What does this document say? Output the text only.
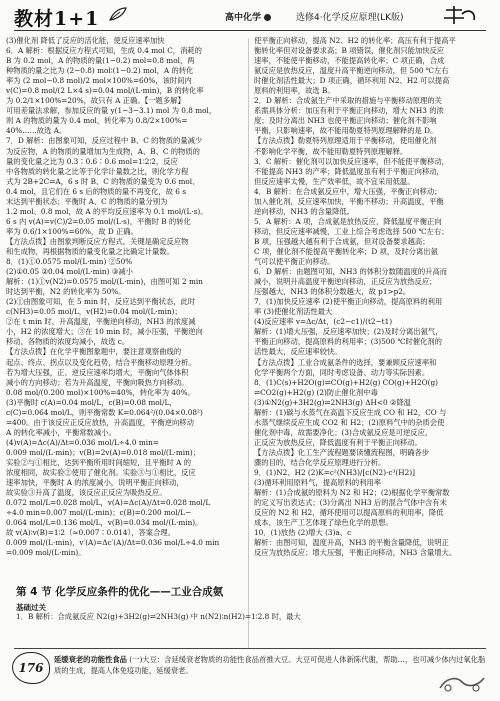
教材1+1	高中化学	选修4·化学反应原理(LK版)
(3)催化剂 降低了反应的活化能，使反应速率加快
6．A 解析：根据反应方程式可知，生成 0.4 mol C，消耗的
B 为 0.2 mol，A 的物质的量(1−0.2) mol=0.8 mol，两
种物质的量之比为 (2−0.8) mol∶(1−0.2) mol，A 的转化
率为 (2 mol−0.8 mol)/2 mol×100%=60%，该时间内
v(C)=0.8 mol/(2 L×4 s)=0.04 mol/(L·min)，B 的转化率
为 0.2/1×100%=20%，故只有 A 正确。【一题多解】
可用差量法求解，参加反应的量 y(1−3−3.1) mol 为 0.8 mol，
则 A 的物质的量为 0.4 mol，转化率为 0.8/2×100%=
40%……故选 A。
7．D 解析：由图象可知，反应过程中 B、C 的物质的量减少
为反应物，A 的物质的量增加为生成物，A、B、C 的物质的
量的变化量之比为 0.3∶0.6∶0.6 mol=1∶2∶2，反应
中各物质的转化量之比等于化学计量数之比，则化学方程
式为 2B+2C⇌A，6 s 时 B、C 的物质的量变为 0.6 mol、
0.4 mol，且它们在 6 s 后的物质的量不再变化，故 6 s
末达到平衡状态；平衡时 A、C 的物质的量分别为
1.2 mol、0.8 mol，故 A 的平均反应速率为 0.1 mol/(L·s)。
6 s 内 v(A)=v(C)/2=0.05 mol/(L·s)，平衡时 B 的转化
率为 0.6/1×100%=60%，故 D 正确。
【方法点拨】由图象判断反应方程式，关键是确定反应物
和生成物，再根据物质的量变化量之比确定计量数。
8．(1)①0.0575 mol/(L·min) ②50%
(2)①0.05 ②0.04 mol/(L·min) ③减小
解析：(1)①v(N2)=0.0575 mol/(L·min)，由图可知 2 min
时达到平衡，N2 的转化率为 50%。
(2)①由图象可知，在 5 min 时，反应达到平衡状态，此时
c(NH3)=0.05 mol/L，v(H2)=0.04 mol/(L·min)；
②在 t min 时，升高温度，平衡逆向移动，NH3 的浓度减
小，H2 的浓度增大；③在 10 min 时，减小压强，平衡逆向
移动，各物质的浓度均减小，故选 c。
【方法点拨】在化学平衡图象题中，要注意观察曲线的
起点、终点、拐点以及变化趋势，结合平衡移动原理分析。
若为增大压强，正、逆反应速率均增大，平衡向气体体积
减小的方向移动；若为升高温度，平衡向吸热方向移动。
0.08 mol/(0.200 mol)×100%=40%，转化率为 40%。
(3)平衡时 c(A)=0.04 mol/L，c(B)=0.08 mol/L，
c(C)=0.064 mol/L，则平衡常数 K=0.064²/(0.04×0.08²)
=400。由于该反应正反应放热，升高温度，平衡逆向移动
A 的转化率减小，平衡常数减小。
(4)v(A)=Δc(A)/Δt=0.036 mol/L÷4.0 min=
0.009 mol/(L·min)；v(B)=2v(A)=0.018 mol/(L·min)；
实验②与①相比，达到平衡所用时间缩短，且平衡时 A 的
浓度相同，故实验②使用了催化剂。实验③与①相比，反应
速率加快，平衡时 A 的浓度减小，说明平衡正向移动，
故实验③升高了温度，该反应正反应为吸热反应。
0.072 mol/L=0.028 mol/L，v(A)=Δc(A)/Δt=0.028 mol/L
÷4.0 min=0.007 mol/(L·min)；c(B)=0.200 mol/L−
0.064 mol/L=0.136 mol/L，v(B)=0.034 mol/(L·min)。
故 v(A)∶v(B)=1∶2（≈0.007∶0.014），答案合理。
0.009 mol/(L·min)，v′(A)=Δc′(A)/Δt=0.036 mol/L÷4.0 min
=0.009 mol/(L·min)。
使平衡正向移动，提高 N2、H2 的转化率；高压有利于提高平
衡转化率但对设备要求高；B 项错误，催化剂只能加快反应
速率，不能使平衡移动，不能提高转化率；C 项正确，合成
氨反应是放热反应，温度升高平衡逆向移动，但 500 ℃左右
时催化剂活性最大；D 项正确，循环利用 N2、H2 可以提高
原料的利用率，故选 B。
2．D 解析：合成氨生产中采取的措施与平衡移动原理的关
系需具体分析：加压有利于平衡正向移动，增大 NH3 的浓
度；及时分离出 NH3 也使平衡正向移动；催化剂不影响
平衡，只影响速率，故不能用勒夏特列原理解释的是 D。
【方法点拨】勒夏特列原理适用于平衡移动，使用催化剂
不影响化学平衡，故不能用勒夏特列原理解释。
3．C 解析：催化剂可以加快反应速率，但不能使平衡移动，
不能提高 NH3 的产率；降低温度虽有利于平衡正向移动，
但反应速率太慢，生产效率低，故不宜采用低温。
4．B 解析：在合成氨反应中，增大压强，平衡正向移动；
加入催化剂，反应速率加快，平衡不移动；升高温度，平衡
逆向移动，NH3 的含量降低。
5．A 解析：A 项，合成氨是放热反应，降低温度平衡正向
移动，但反应速率减慢，工业上综合考虑选择 500 ℃左右；
B 项，压强越大越有利于合成氨，但对设备要求越高；
C 项，催化剂不能提高平衡转化率；D 项，及时分离出氨
气可以使平衡正向移动。
6．D 解析：由题图可知，NH3 的体积分数随温度的升高而
减小，说明升高温度平衡逆向移动，正反应为放热反应；
压强越大，NH3 的体积分数越大，故 p1>p2。
7．(1)加快反应速率 (2)使平衡正向移动，提高原料的利用
率 (3)使催化剂活性最大
(4)反应速率 v=Δc/Δt，(c2−c1)/(t2−t1)
解析：(1)增大压强，反应速率加快；(2)及时分离出氨气，
平衡正向移动，提高原料的利用率；(3)500 ℃时催化剂的
活性最大，反应速率较快。
【方法点拨】工业合成氨条件的选择，要兼顾反应速率和
化学平衡两个方面，同时考虑设备、动力等实际因素。
8．(1)C(s)+H2O(g)⇌CO(g)+H2(g) CO(g)+H2O(g)
⇌CO2(g)+H2(g) (2)防止催化剂中毒
(3)①N2(g)+3H2(g)⇌2NH3(g) ΔH<0 ②降温
解析：(1)碳与水蒸气在高温下反应生成 CO 和 H2，CO 与
水蒸气继续反应生成 CO2 和 H2；(2)原料气中的杂质会使
催化剂中毒，故需要净化；(3)合成氨反应是可逆反应，
正反应为放热反应，降低温度有利于平衡正向移动。
【方法点拨】化工生产流程题要读懂流程图，明确各步
骤的目的，结合化学反应原理进行分析。
9．(1)N2、H2 (2)K=c²(NH3)/[c(N2)·c³(H2)]
(3)循环利用原料气，提高原料的利用率
解析：(1)合成氨的原料为 N2 和 H2；(2)根据化学平衡常数
的定义写出表达式；(3)分离出 NH3 后的混合气体中含有未
反应的 N2 和 H2，循环使用可以提高原料的利用率，降低
成本，该生产工艺体现了绿色化学的思想。
10．(1)放热 (2)增大 (3)a、c
解析：由图可知，温度升高，NH3 的平衡含量降低，说明正
反应为放热反应；增大压强，平衡正向移动，NH3 含量增大。
第 4 节 化学反应条件的优化——工业合成氨
基础过关
1．B 解析：合成氨反应 N2(g)+3H2(g)⇌2NH3(g) 中 n(N2)∶n(H2)=1∶2.8 时，最大
176
延缓衰老的功能性食品 (一)大豆：含延缓衰老物质的功能性食品首推大豆。大豆可促进人体新陈代谢，帮助…，也可减少体内过氧化脂质的生成，提高人体免疫功能，延缓衰老。
